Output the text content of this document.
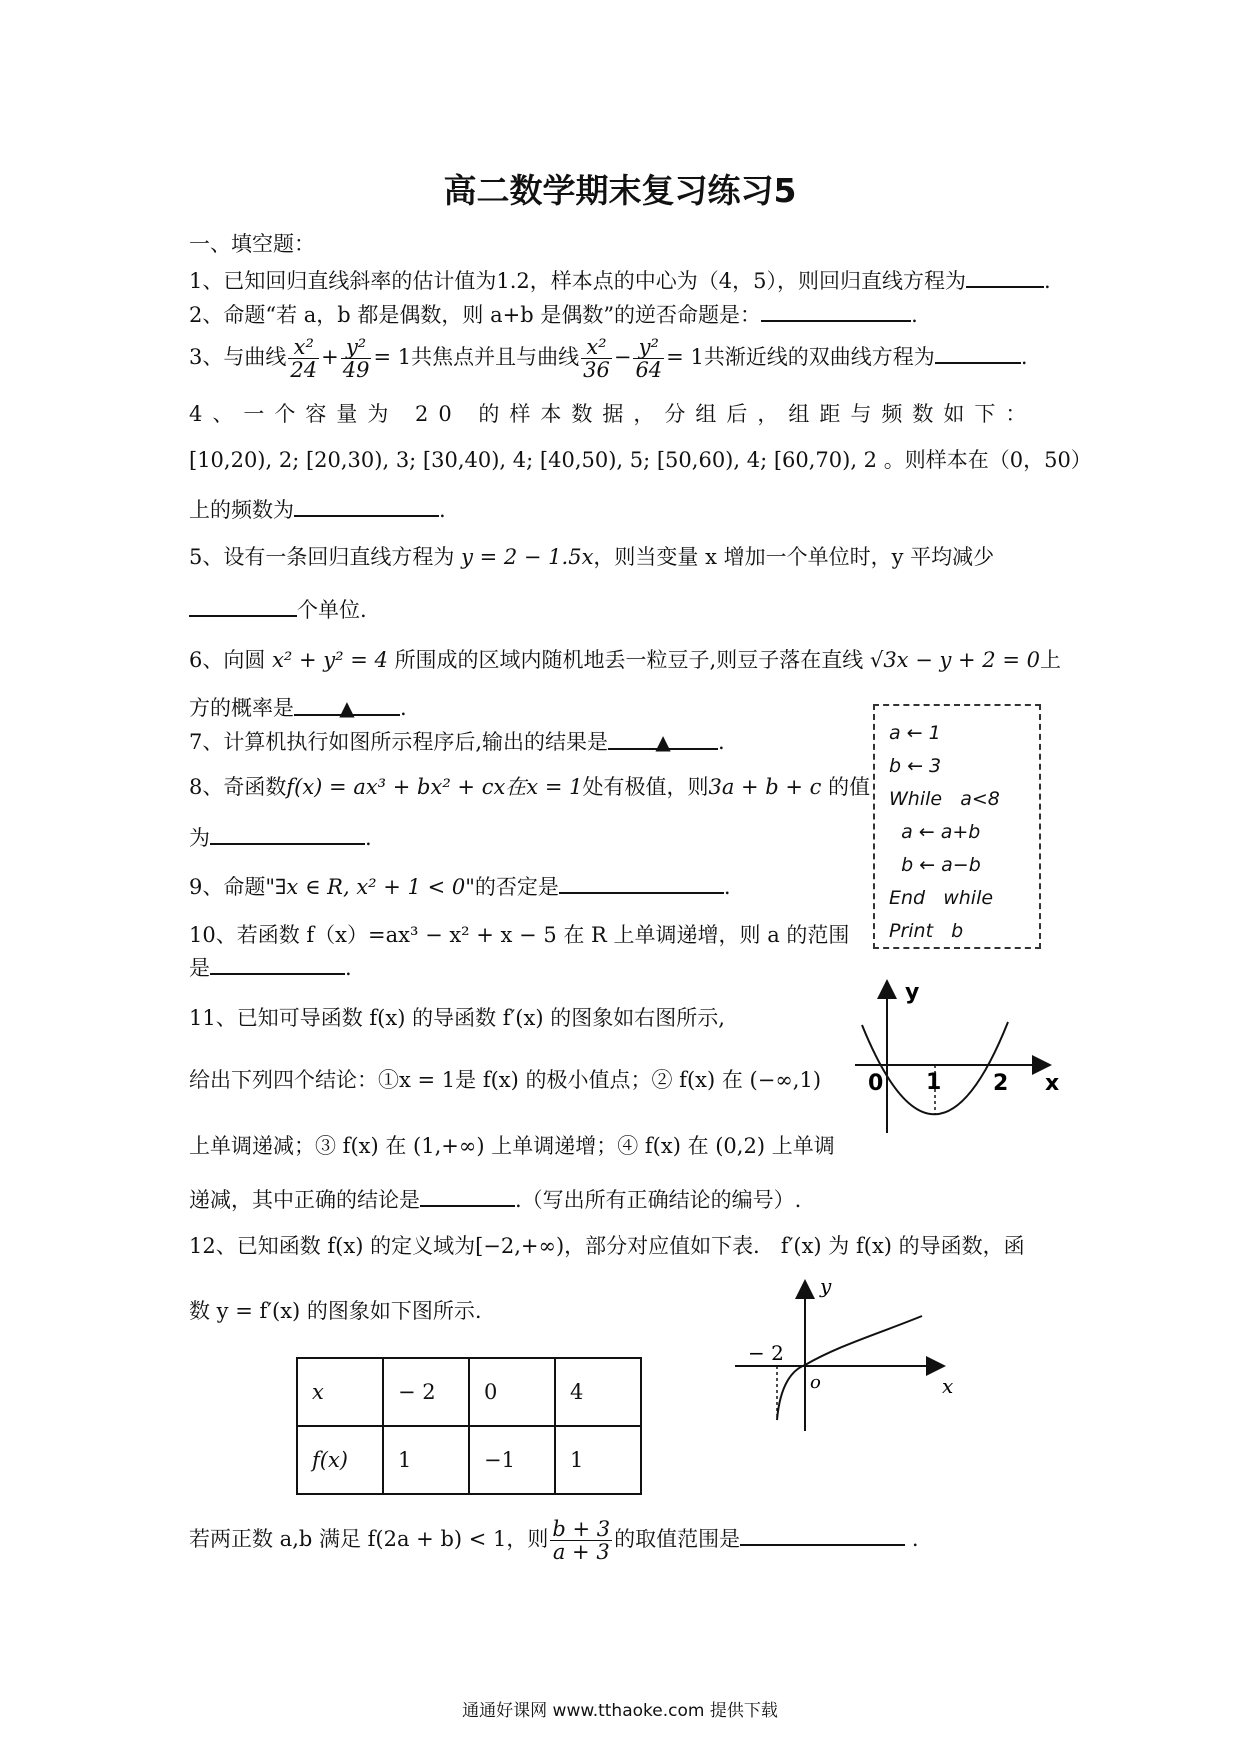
高二数学期末复习练习5
一、填空题：
1、已知回归直线斜率的估计值为1.2，样本点的中心为（4，5），则回归直线方程为	.
2、命题“若 a，b 都是偶数，则 a+b 是偶数”的逆否命题是：	.
3、与曲线 $\frac{\text{x²}}{24} + \frac{\text{y²}}{49} = 1$共焦点并且与曲线 $\frac{\text{x²}}{36} - \frac{\text{y²}}{64} = 1$共渐近线的双曲线方程为	.
4、一个容量为 20 的样本数据，分组后，组距与频数如下：
[10,20), 2; [20,30), 3; [30,40), 4; [40,50), 5; [50,60), 4; [60,70), 2 。则样本在（0，50）
上的频数为	.
5、设有一条回归直线方程为 y = 2 − 1.5x，则当变量 x 增加一个单位时，y 平均减少
个单位.
6、向圆 x² + y² = 4 所围成的区域内随机地丢一粒豆子,则豆子落在直线 √3x − y + 2 = 0上
方的概率是 ▲ .
7、计算机执行如图所示程序后,输出的结果是 ▲ .	a ← 1
b ← 3
While   a<8
a ← a+b
b ← a−b
End   while
Print   b
8、奇函数f(x) = ax³ + bx² + cx在x = 1处有极值，则3a + b + c 的值
为	.
9、命题"∃x ∈ R, x² + 1 < 0"的否定是	.
10、若函数 f（x）=ax³ − x² + x − 5 在 R 上单调递增，则 a 的范围
是	.
11、已知可导函数 f(x) 的导函数 f′(x) 的图象如右图所示,
给出下列四个结论：①x = 1是 f(x) 的极小值点；② f(x) 在 (−∞,1)
上单调递减；③ f(x) 在 (1,+∞) 上单调递增；④ f(x) 在 (0,2) 上单调
递减，其中正确的结论是	.（写出所有正确结论的编号）.
y
x
0 1 2
12、已知函数 f(x) 的定义域为[−2,+∞)，部分对应值如下表． f′(x) 为 f(x) 的导函数，函
数 y = f′(x) 的图象如下图所示.
y
x
o
− 2
x	− 2	0	4
f(x)	1	−1	1
若两正数 a,b 满足 f(2a + b) < 1，则 $\frac{b + 3}{a + 3}$ 的取值范围是	.
通通好课网 www.tthaoke.com 提供下载
